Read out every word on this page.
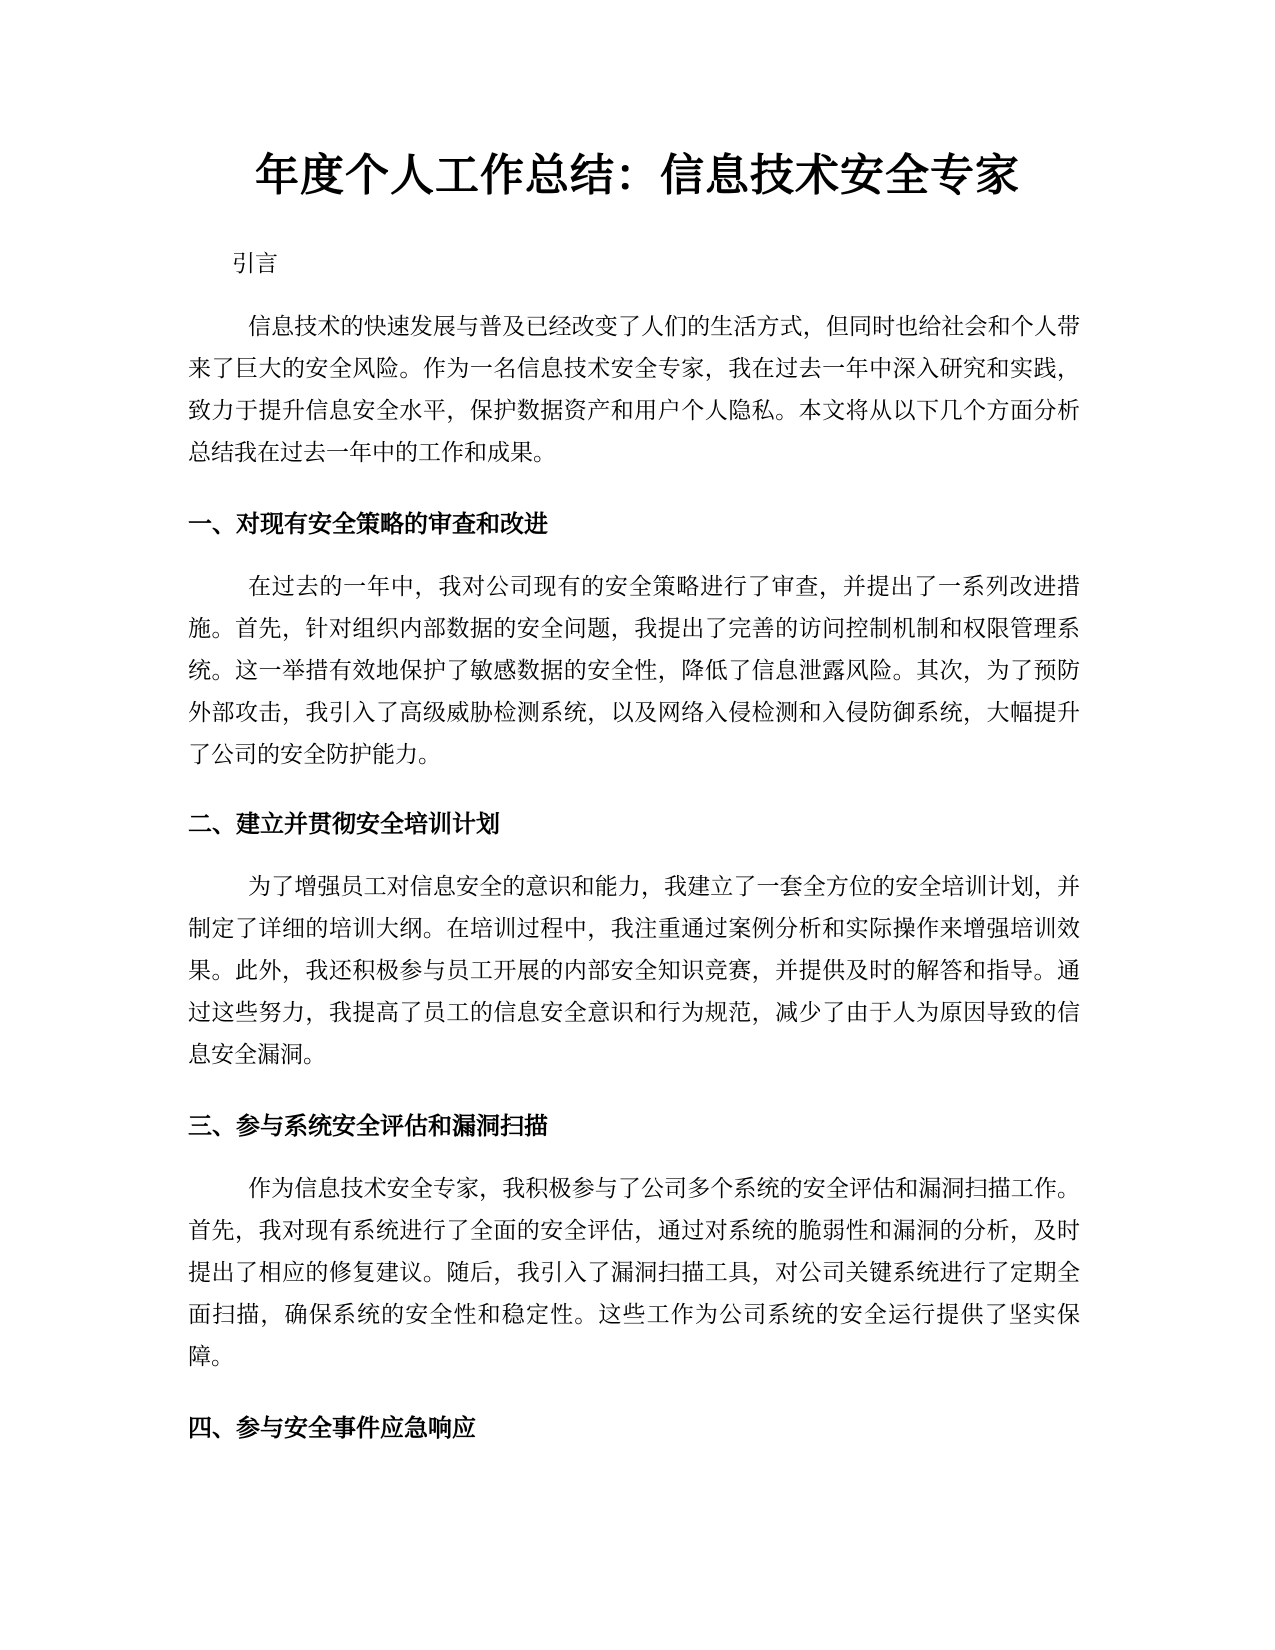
年度个人工作总结：信息技术安全专家

引言

信息技术的快速发展与普及已经改变了人们的生活方式，但同时也给社会和个人带来了巨大的安全风险。作为一名信息技术安全专家，我在过去一年中深入研究和实践，致力于提升信息安全水平，保护数据资产和用户个人隐私。本文将从以下几个方面分析总结我在过去一年中的工作和成果。

一、对现有安全策略的审查和改进

在过去的一年中，我对公司现有的安全策略进行了审查，并提出了一系列改进措施。首先，针对组织内部数据的安全问题，我提出了完善的访问控制机制和权限管理系统。这一举措有效地保护了敏感数据的安全性，降低了信息泄露风险。其次，为了预防外部攻击，我引入了高级威胁检测系统，以及网络入侵检测和入侵防御系统，大幅提升了公司的安全防护能力。

二、建立并贯彻安全培训计划

为了增强员工对信息安全的意识和能力，我建立了一套全方位的安全培训计划，并制定了详细的培训大纲。在培训过程中，我注重通过案例分析和实际操作来增强培训效果。此外，我还积极参与员工开展的内部安全知识竞赛，并提供及时的解答和指导。通过这些努力，我提高了员工的信息安全意识和行为规范，减少了由于人为原因导致的信息安全漏洞。

三、参与系统安全评估和漏洞扫描

作为信息技术安全专家，我积极参与了公司多个系统的安全评估和漏洞扫描工作。首先，我对现有系统进行了全面的安全评估，通过对系统的脆弱性和漏洞的分析，及时提出了相应的修复建议。随后，我引入了漏洞扫描工具，对公司关键系统进行了定期全面扫描，确保系统的安全性和稳定性。这些工作为公司系统的安全运行提供了坚实保障。

四、参与安全事件应急响应
